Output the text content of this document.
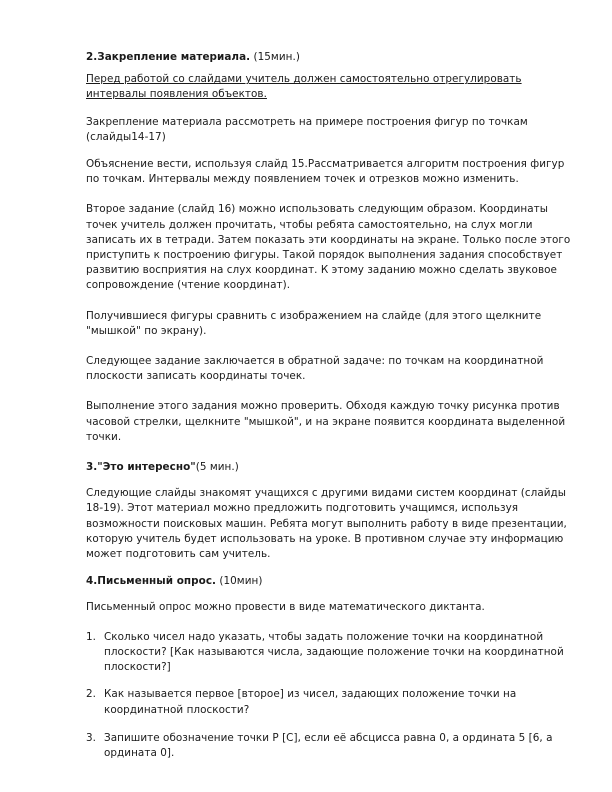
2.Закрепление материала. (15мин.)

Перед работой со слайдами учитель должен самостоятельно отрегулировать интервалы появления объектов.

Закрепление материала рассмотреть на примере построения фигур по точкам (слайды14-17)

Объяснение вести, используя слайд 15.Рассматривается алгоритм построения фигур по точкам. Интервалы между появлением точек и отрезков можно изменить.

Второе задание (слайд 16) можно использовать следующим образом. Координаты точек учитель должен прочитать, чтобы ребята самостоятельно, на слух могли записать их в тетради. Затем показать эти координаты на экране. Только после этого приступить к построению фигуры. Такой порядок выполнения задания способствует развитию восприятия на слух координат. К этому заданию можно сделать звуковое сопровождение (чтение координат).

Получившиеся фигуры сравнить с изображением на слайде (для этого щелкните "мышкой" по экрану).

Следующее задание заключается в обратной задаче: по точкам на координатной плоскости записать координаты точек.

Выполнение этого задания можно проверить. Обходя каждую точку рисунка против часовой стрелки, щелкните "мышкой", и на экране появится координата выделенной точки.

3."Это интересно"(5 мин.)

Следующие слайды знакомят учащихся с другими видами систем координат (слайды 18-19). Этот материал можно предложить подготовить учащимся, используя возможности поисковых машин. Ребята могут выполнить работу в виде презентации, которую учитель будет использовать на уроке. В противном случае эту информацию может подготовить сам учитель.

4.Письменный опрос. (10мин)

Письменный опрос можно провести в виде математического диктанта.

1. Сколько чисел надо указать, чтобы задать положение точки на координатной плоскости? [Как называются числа, задающие положение точки на координатной плоскости?]
2. Как называется первое [второе] из чисел, задающих положение точки на координатной плоскости?
3. Запишите обозначение точки Р [С], если её абсцисса равна 0, а ордината 5 [6, а ордината 0].
